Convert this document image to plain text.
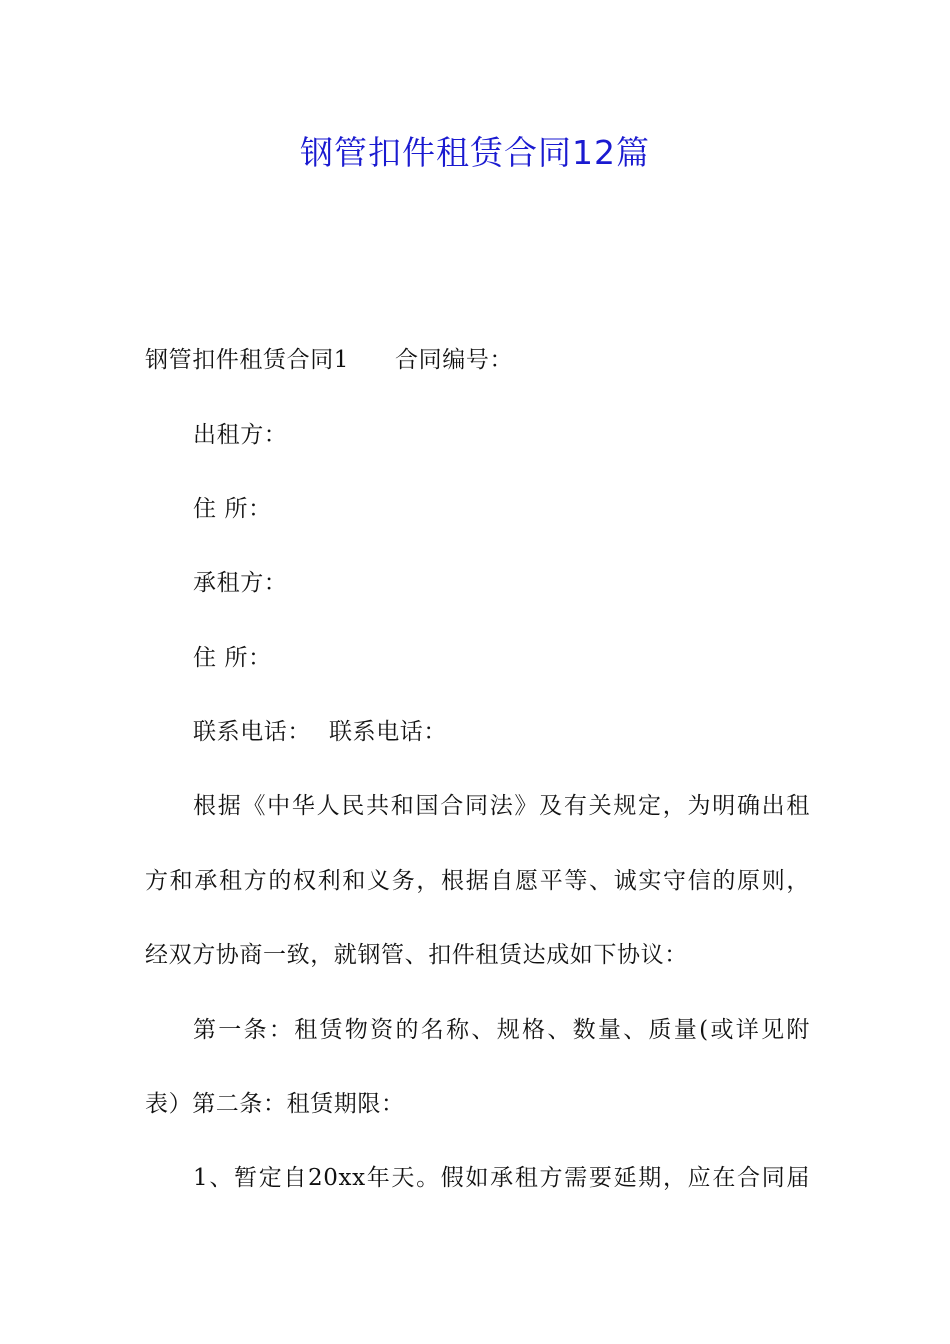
钢管扣件租赁合同12篇
钢管扣件租赁合同1 合同编号：
出租方：
住 所：
承租方：
住 所：
联系电话： 联系电话：
根据《中华人民共和国合同法》及有关规定，为明确出租
方和承租方的权利和义务，根据自愿平等、诚实守信的原则，
经双方协商一致，就钢管、扣件租赁达成如下协议：
第一条：租赁物资的名称、规格、数量、质量(或详见附
表）第二条：租赁期限：
1、暂定自20xx年天。假如承租方需要延期，应在合同届
